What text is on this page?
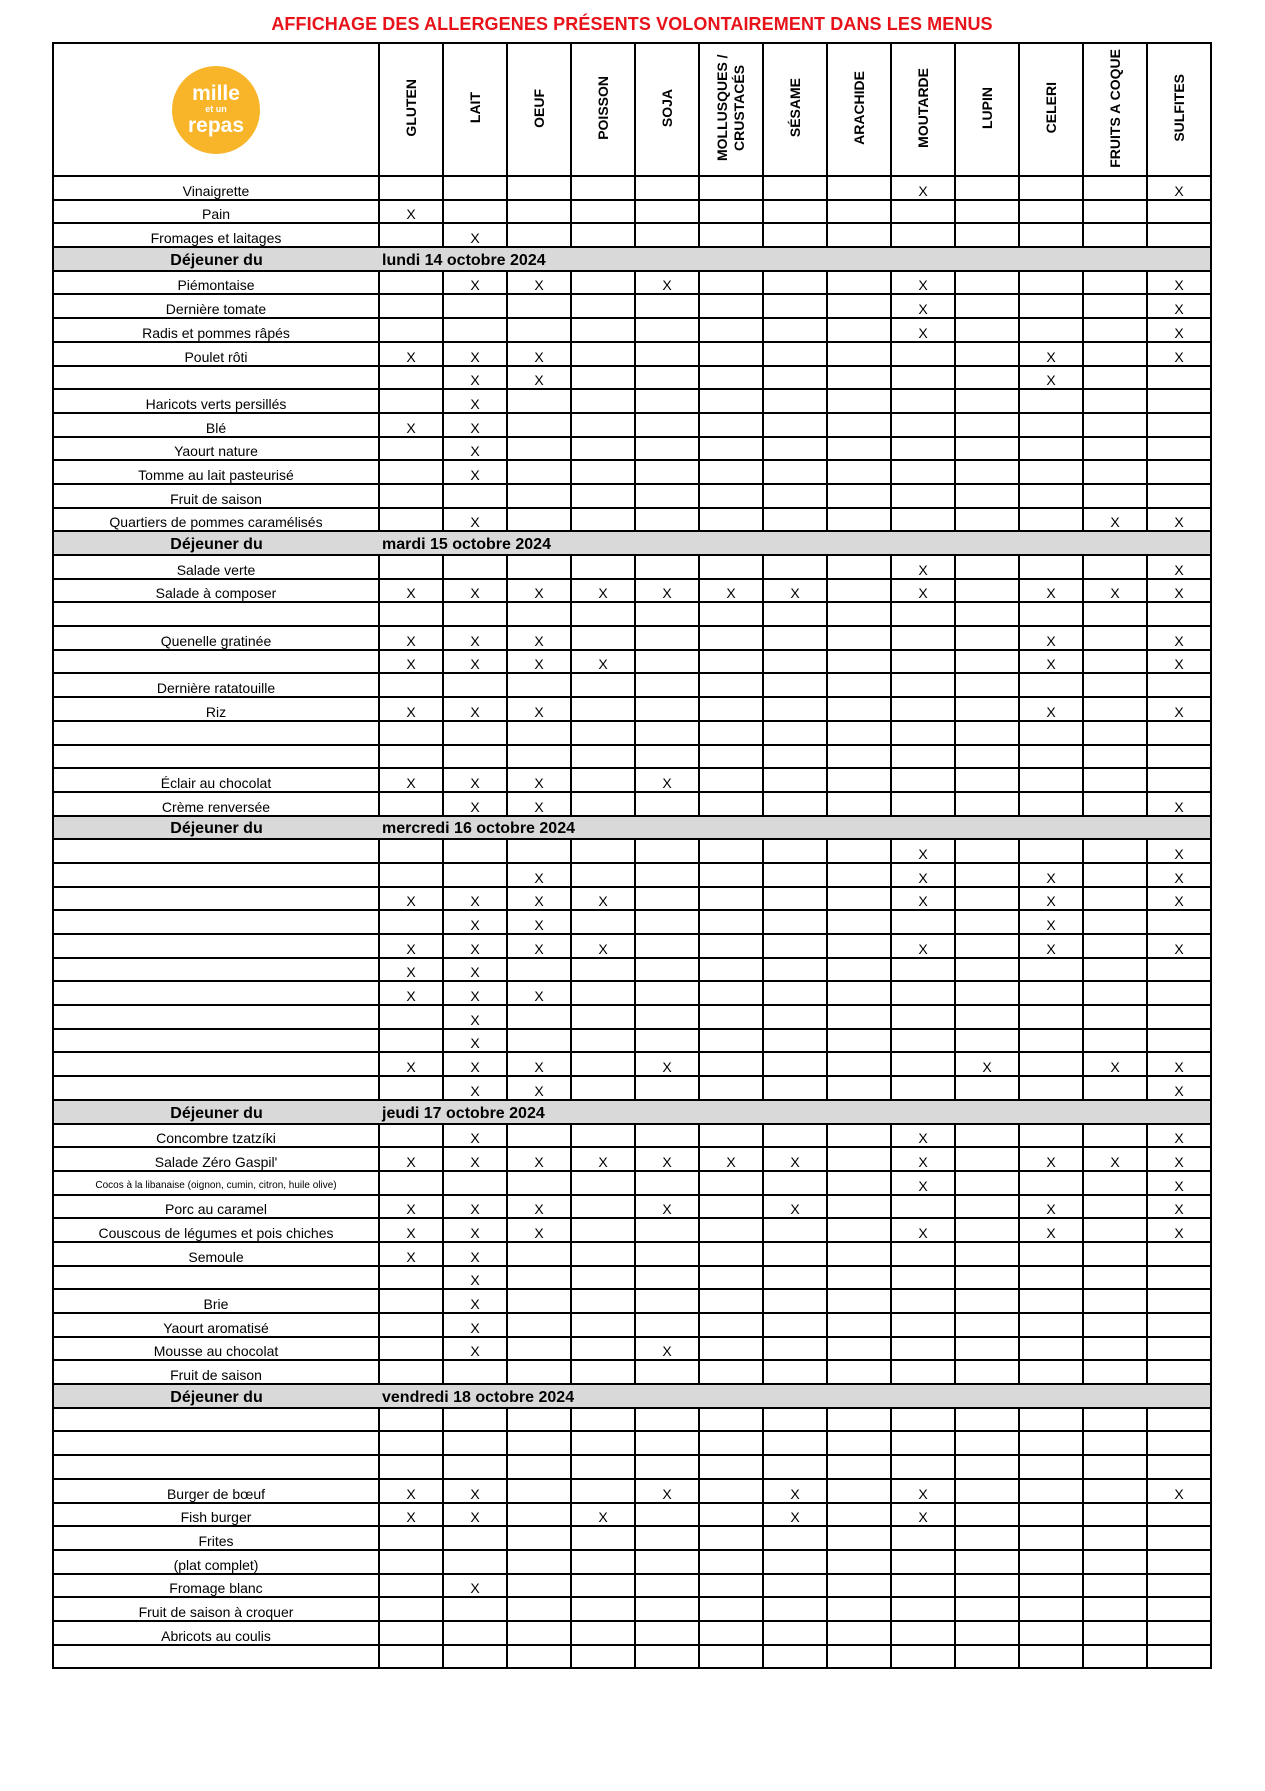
AFFICHAGE DES ALLERGENES PRÉSENTS VOLONTAIREMENT DANS LES MENUS
mille
et un
repas	GLUTEN	LAIT	OEUF	POISSON	SOJA	MOLLUSQUES / CRUSTACÉS	SÉSAME	ARACHIDE	MOUTARDE	LUPIN	CELERI	FRUITS A COQUE	SULFITES
Vinaigrette									X				X
Pain	X												
Fromages et laitages		X											
Déjeuner du	lundi 14 octobre 2024												
Piémontaise		X	X		X				X				X
Dernière tomate									X				X
Radis et pommes râpés									X				X
Poulet rôti	X	X	X								X		X
		X	X								X		
Haricots verts persillés		X											
Blé	X	X											
Yaourt nature		X											
Tomme au lait pasteurisé		X											
Fruit de saison													
Quartiers de pommes caramélisés		X										X	X
Déjeuner du	mardi 15 octobre 2024												
Salade verte									X				X
Salade à composer	X	X	X	X	X	X	X		X		X	X	X

Quenelle gratinée	X	X	X								X		X
	X	X	X	X							X		X
Dernière ratatouille													
Riz	X	X	X								X		X

Éclair au chocolat	X	X	X		X								
Crème renversée		X	X										X
Déjeuner du	mercredi 16 octobre 2024												
									X				X
			X						X		X		X
	X	X	X	X					X		X		X
		X	X								X		
	X	X	X	X					X		X		X
	X	X											
	X	X	X										
		X											
		X											
	X	X	X		X					X		X	X
		X	X										X
Déjeuner du	jeudi 17 octobre 2024												
Concombre tzatzíki		X							X				X
Salade Zéro Gaspil'	X	X	X	X	X	X	X		X		X	X	X
Cocos à la libanaise (oignon, cumin, citron, huile olive)									X				X
Porc au caramel	X	X	X		X		X				X		X
Couscous de légumes et pois chiches	X	X	X						X		X		X
Semoule	X	X											
		X											
Brie		X											
Yaourt aromatisé		X											
Mousse au chocolat		X			X								
Fruit de saison													
Déjeuner du	vendredi 18 octobre 2024												

Burger de bœuf	X	X			X		X		X				X
Fish burger	X	X		X			X		X				
Frites													
(plat complet)													
Fromage blanc		X											
Fruit de saison à croquer													
Abricots au coulis													
